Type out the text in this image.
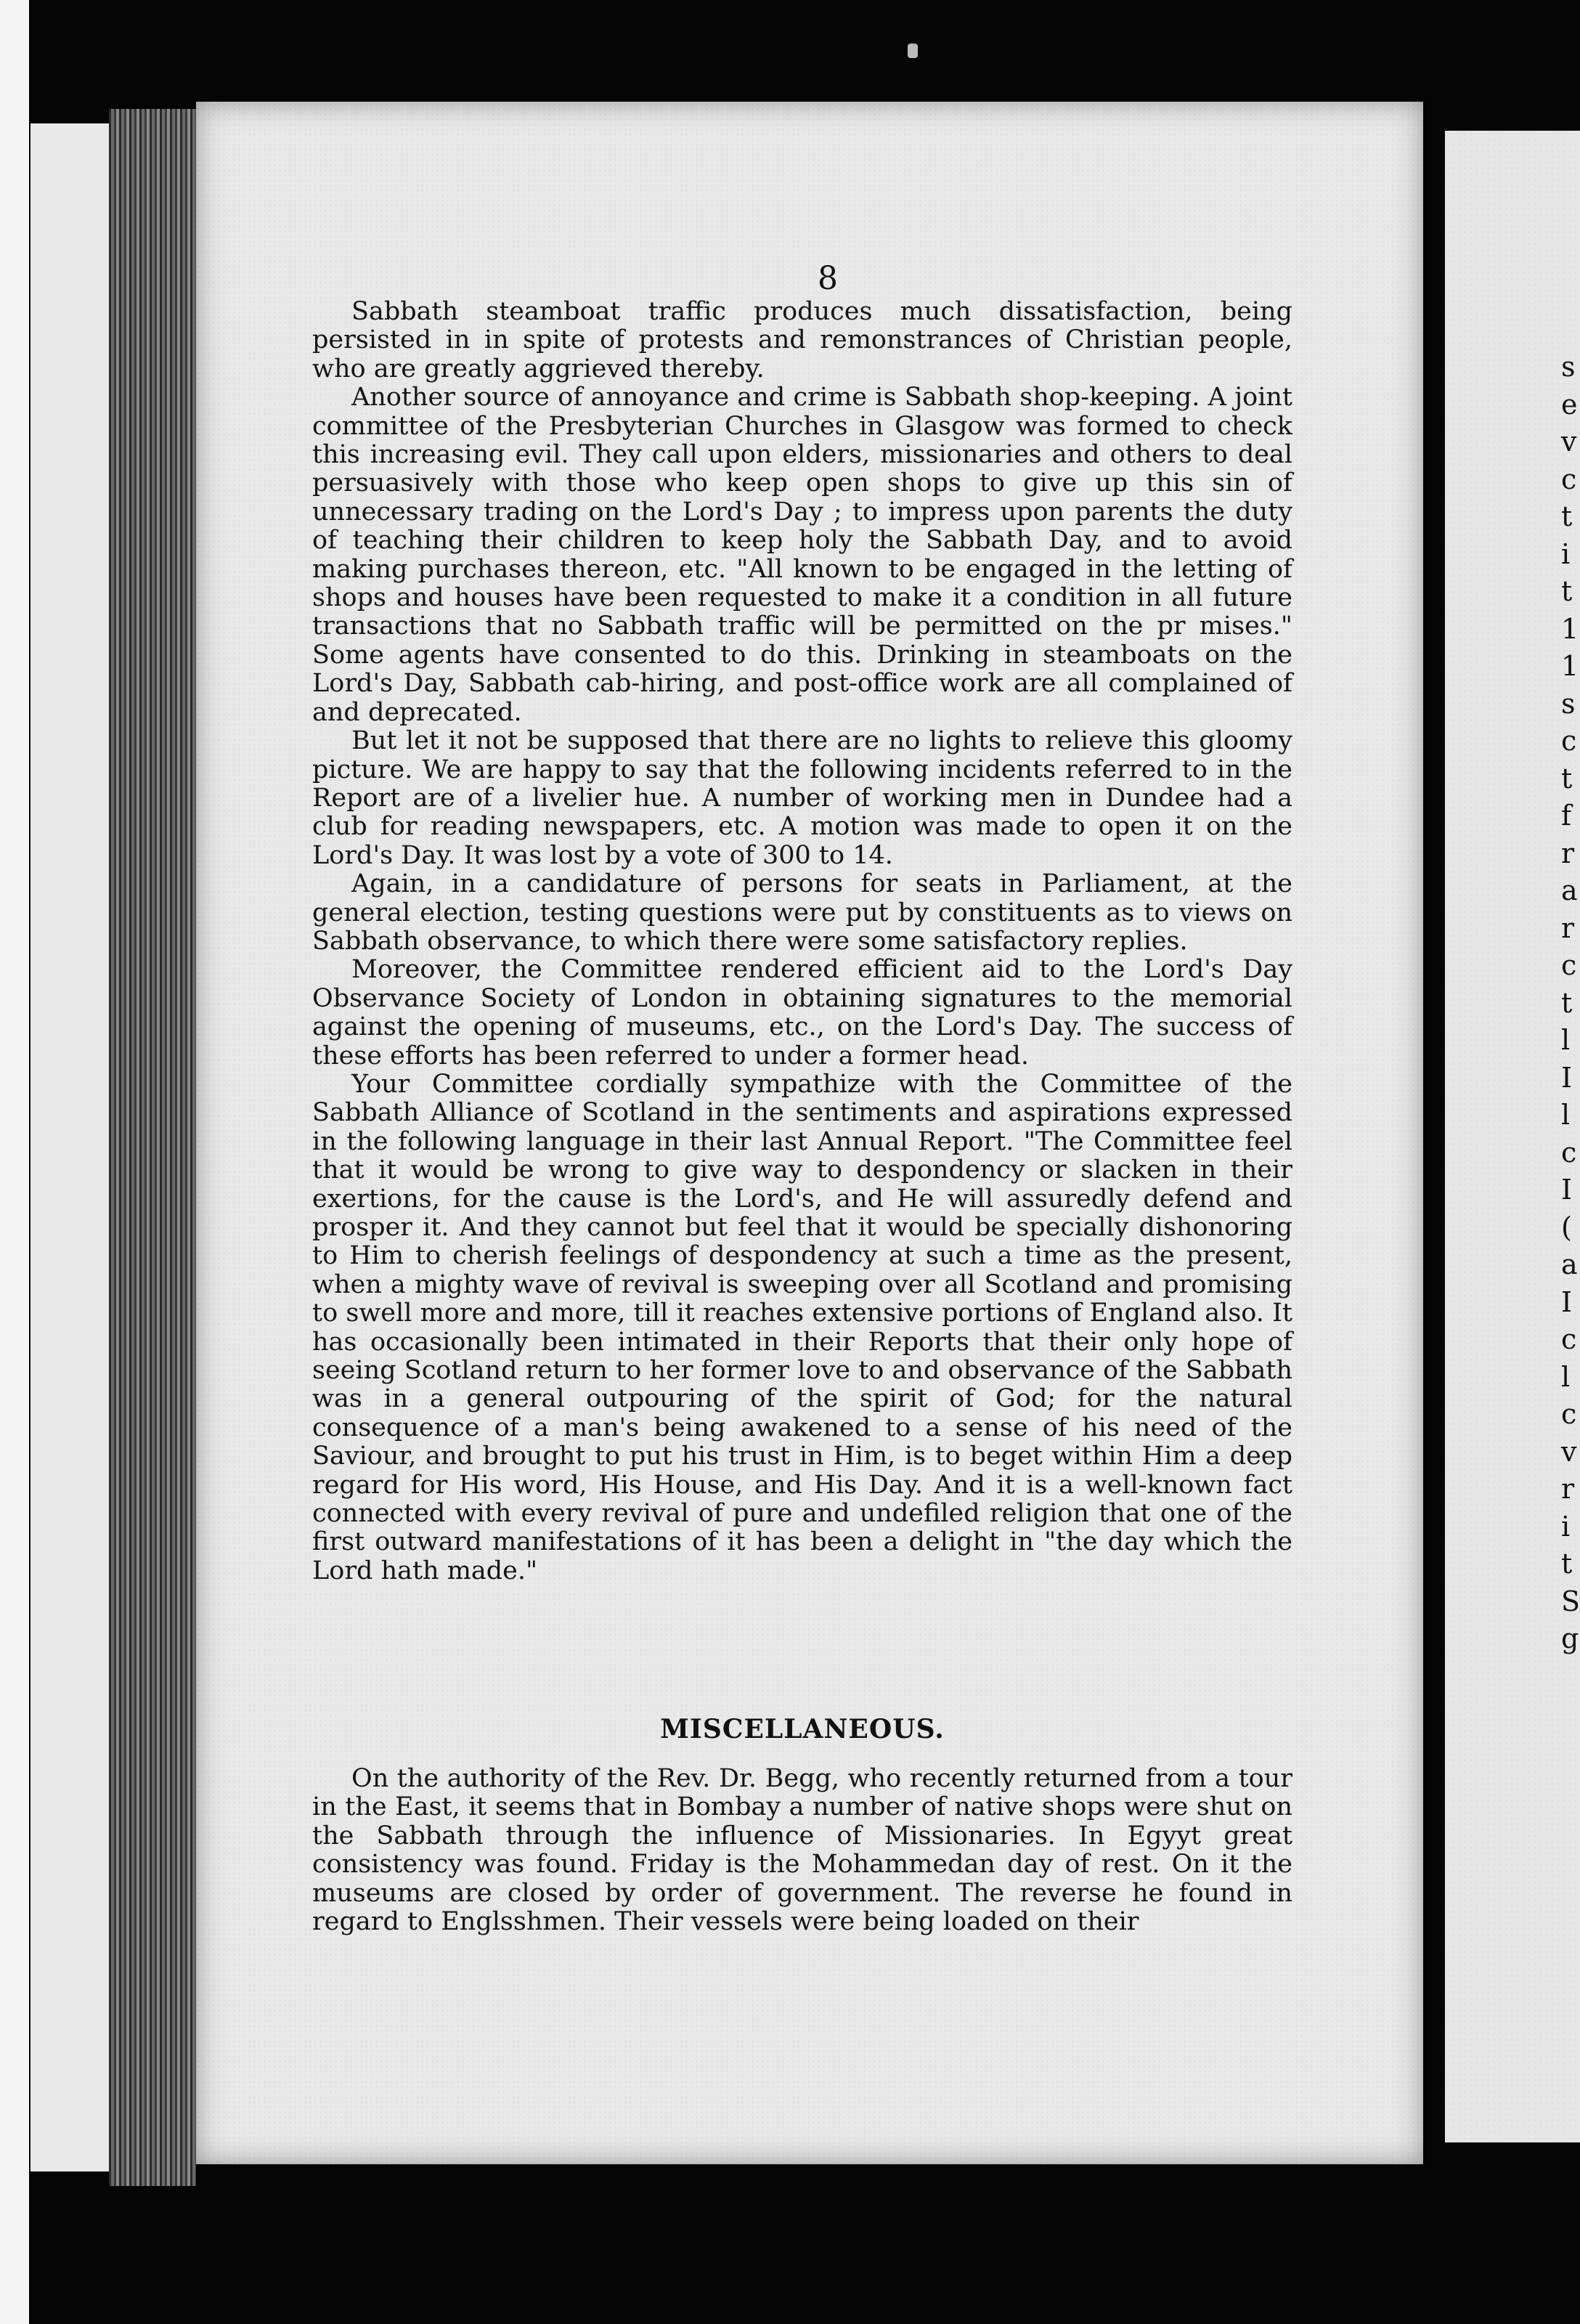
s
e
v
c
t
i
t
1
1
s
c
t
f
r
a
r
c
t
l
I
l
c
I
(
a
I
c
l
c
v
r
i
t
S
g
8

Sabbath steamboat traffic produces much dissatisfaction, being persisted in in spite of protests and remonstrances of Christian people, who are greatly aggrieved thereby.

Another source of annoyance and crime is Sabbath shop-keeping. A joint committee of the Presbyterian Churches in Glasgow was formed to check this increasing evil. They call upon elders, missionaries and others to deal persuasively with those who keep open shops to give up this sin of unnecessary trading on the Lord's Day ; to impress upon parents the duty of teaching their children to keep holy the Sabbath Day, and to avoid making purchases thereon, etc. "All known to be engaged in the letting of shops and houses have been requested to make it a condition in all future transactions that no Sabbath traffic will be permitted on the pr mises." Some agents have consented to do this. Drinking in steamboats on the Lord's Day, Sabbath cab-hiring, and post-office work are all complained of and deprecated.

But let it not be supposed that there are no lights to relieve this gloomy picture. We are happy to say that the following incidents referred to in the Report are of a livelier hue. A number of working men in Dundee had a club for reading newspapers, etc. A motion was made to open it on the Lord's Day. It was lost by a vote of 300 to 14.

Again, in a candidature of persons for seats in Parliament, at the general election, testing questions were put by constituents as to views on Sabbath observance, to which there were some satisfactory replies.

Moreover, the Committee rendered efficient aid to the Lord's Day Observance Society of London in obtaining signatures to the memorial against the opening of museums, etc., on the Lord's Day. The success of these efforts has been referred to under a former head.

Your Committee cordially sympathize with the Committee of the Sabbath Alliance of Scotland in the sentiments and aspirations expressed in the following language in their last Annual Report. "The Committee feel that it would be wrong to give way to despondency or slacken in their exertions, for the cause is the Lord's, and He will assuredly defend and prosper it. And they cannot but feel that it would be specially dishonoring to Him to cherish feelings of despondency at such a time as the present, when a mighty wave of revival is sweeping over all Scotland and promising to swell more and more, till it reaches extensive portions of England also. It has occasionally been intimated in their Reports that their only hope of seeing Scotland return to her former love to and observance of the Sabbath was in a general outpouring of the spirit of God; for the natural consequence of a man's being awakened to a sense of his need of the Saviour, and brought to put his trust in Him, is to beget within Him a deep regard for His word, His House, and His Day. And it is a well-known fact connected with every revival of pure and undefiled religion that one of the first outward manifestations of it has been a delight in "the day which the Lord hath made."

MISCELLANEOUS.

On the authority of the Rev. Dr. Begg, who recently returned from a tour in the East, it seems that in Bombay a number of native shops were shut on the Sabbath through the influence of Missionaries. In Egyyt great consistency was found. Friday is the Mohammedan day of rest. On it the museums are closed by order of government. The reverse he found in regard to Englsshmen. Their vessels were being loaded on their
